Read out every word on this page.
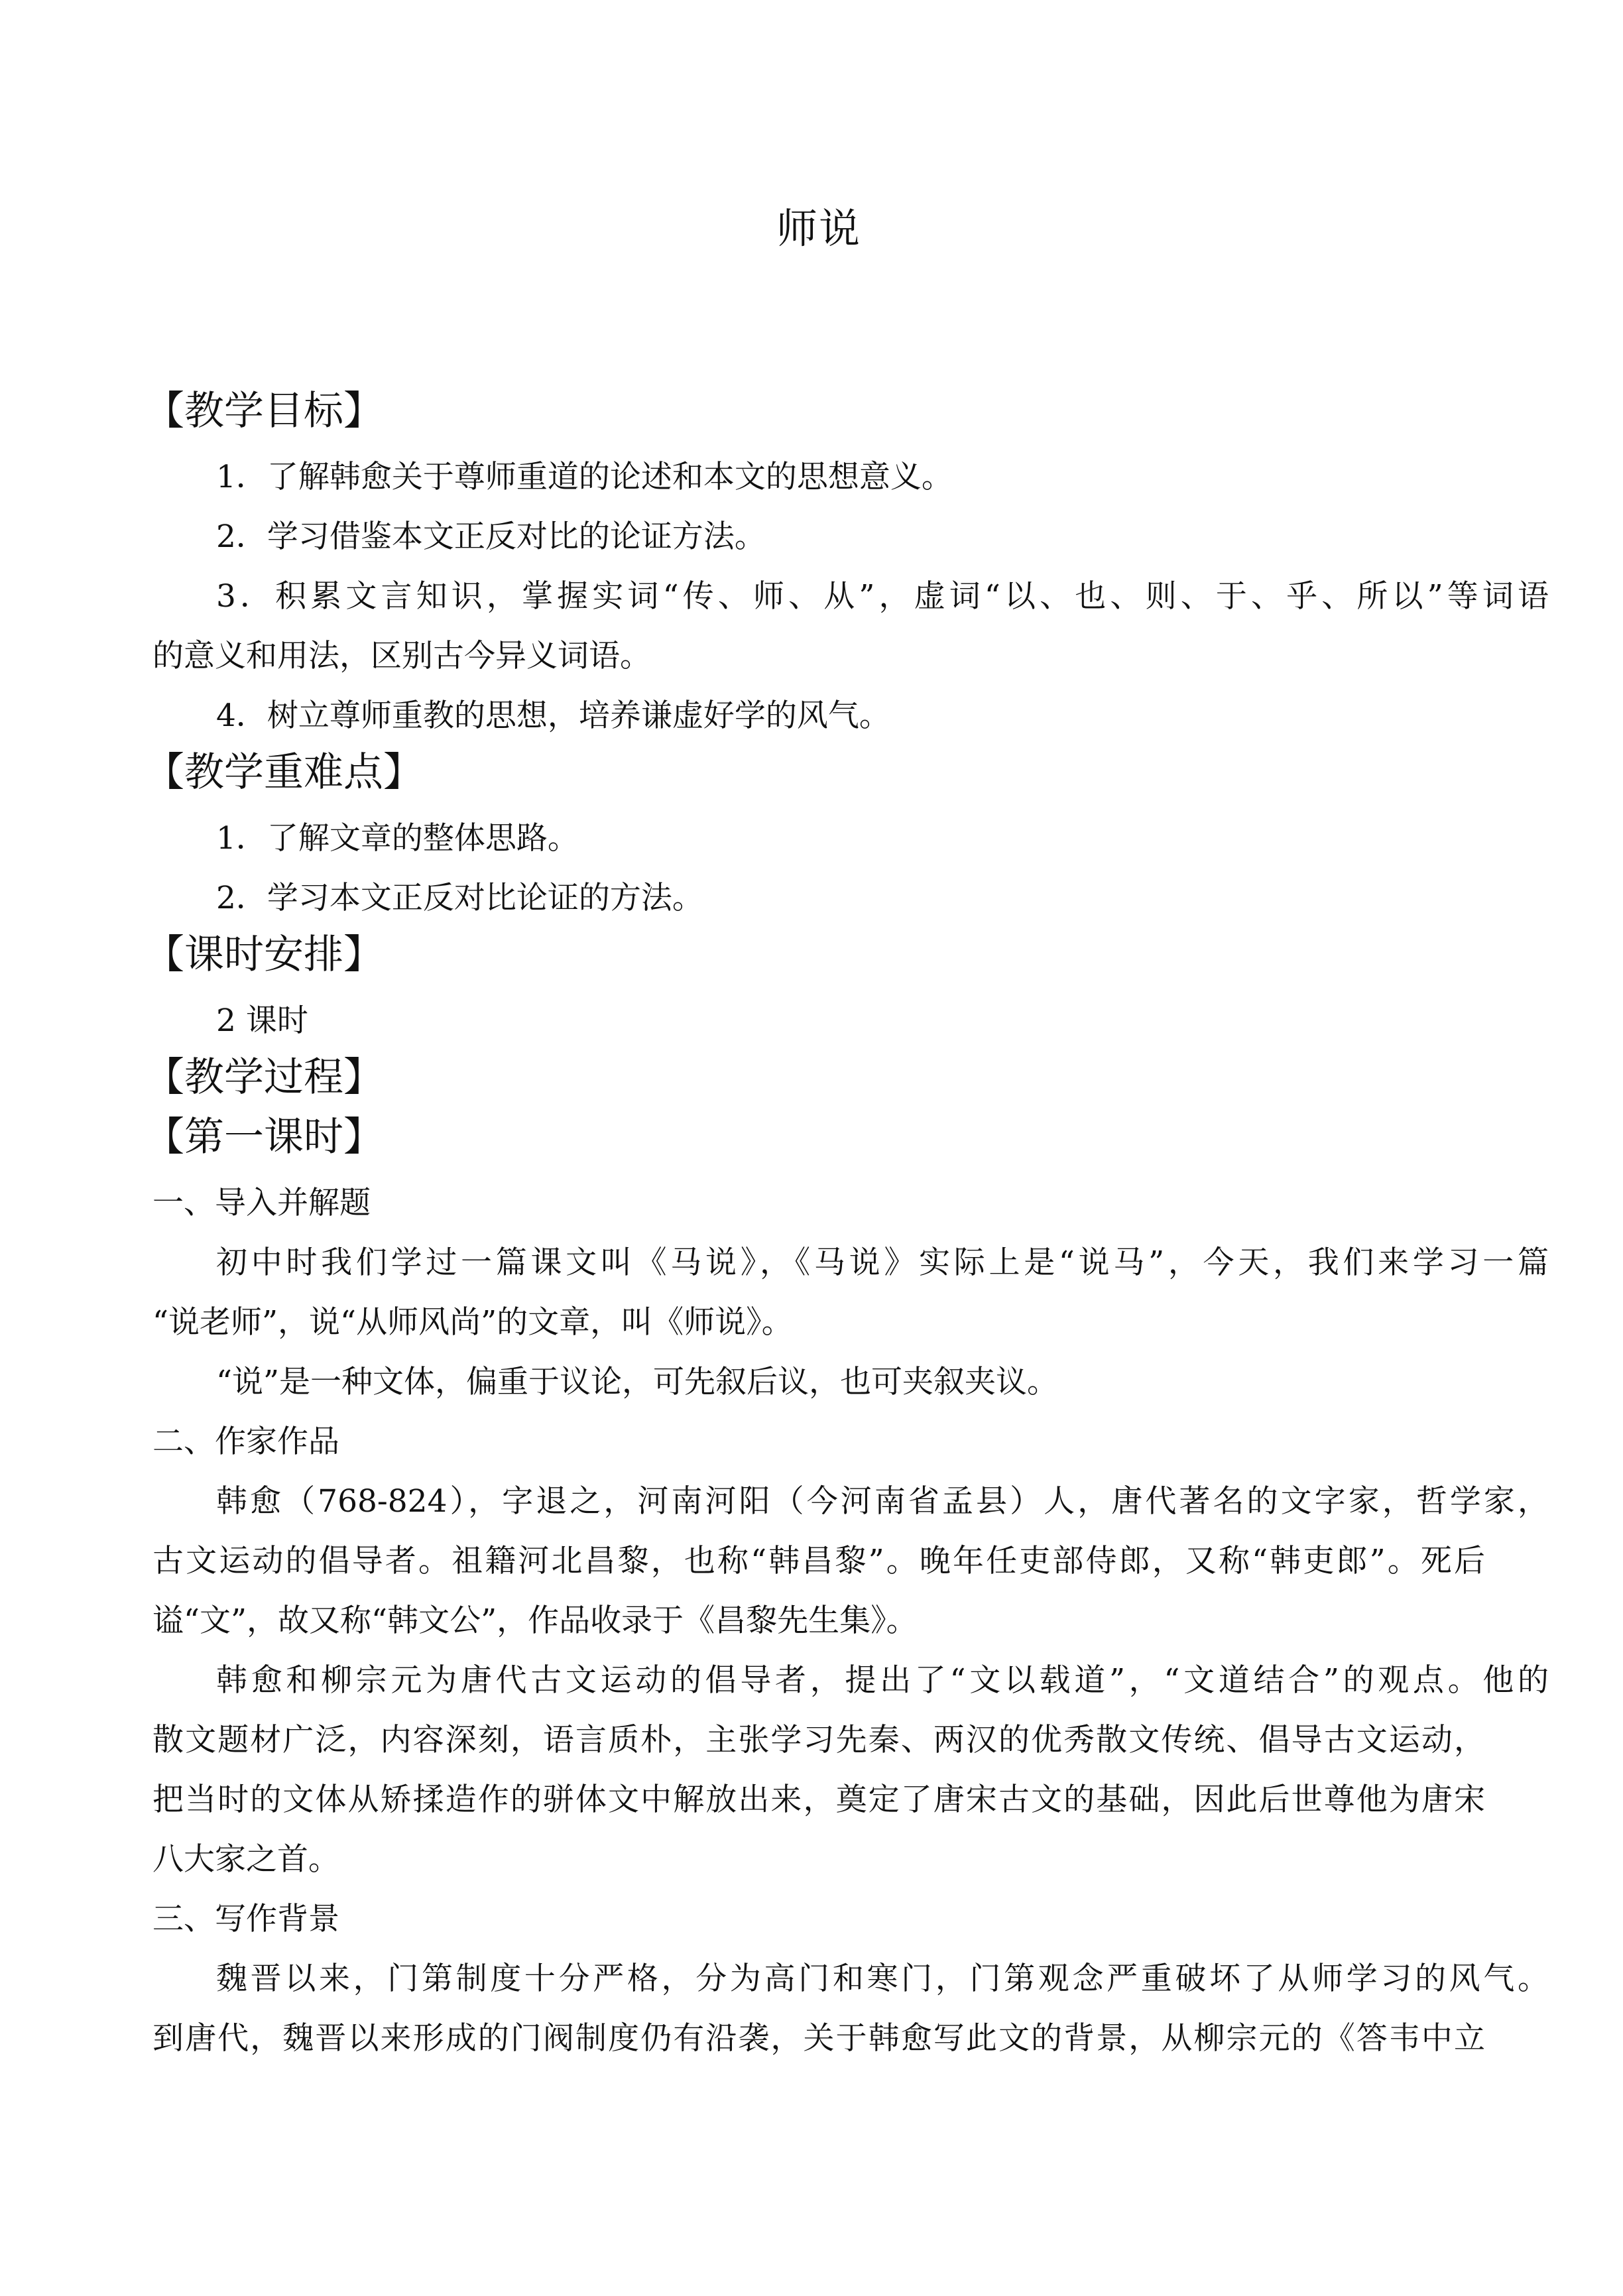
师说
【教学目标】
1．了解韩愈关于尊师重道的论述和本文的思想意义。
2．学习借鉴本文正反对比的论证方法。
3．积累文言知识，掌握实词“传、师、从”，虚词“以、也、则、于、乎、所以”等词语
的意义和用法，区别古今异义词语。
4．树立尊师重教的思想，培养谦虚好学的风气。
【教学重难点】
1．了解文章的整体思路。
2．学习本文正反对比论证的方法。
【课时安排】
2 课时
【教学过程】
【第一课时】
一、导入并解题
初中时我们学过一篇课文叫《马说》，《马说》实际上是“说马”，今天，我们来学习一篇
“说老师”，说“从师风尚”的文章，叫《师说》。
“说”是一种文体，偏重于议论，可先叙后议，也可夹叙夹议。
二、作家作品
韩愈（768-824），字退之，河南河阳（今河南省孟县）人，唐代著名的文字家，哲学家，
古文运动的倡导者。祖籍河北昌黎，也称“韩昌黎”。晚年任吏部侍郎，又称“韩吏郎”。死后
谥“文”，故又称“韩文公”，作品收录于《昌黎先生集》。
韩愈和柳宗元为唐代古文运动的倡导者，提出了“文以载道”，“文道结合”的观点。他的
散文题材广泛，内容深刻，语言质朴，主张学习先秦、两汉的优秀散文传统、倡导古文运动，
把当时的文体从矫揉造作的骈体文中解放出来，奠定了唐宋古文的基础，因此后世尊他为唐宋
八大家之首。
三、写作背景
魏晋以来，门第制度十分严格，分为高门和寒门，门第观念严重破坏了从师学习的风气。
到唐代，魏晋以来形成的门阀制度仍有沿袭，关于韩愈写此文的背景，从柳宗元的《答韦中立
